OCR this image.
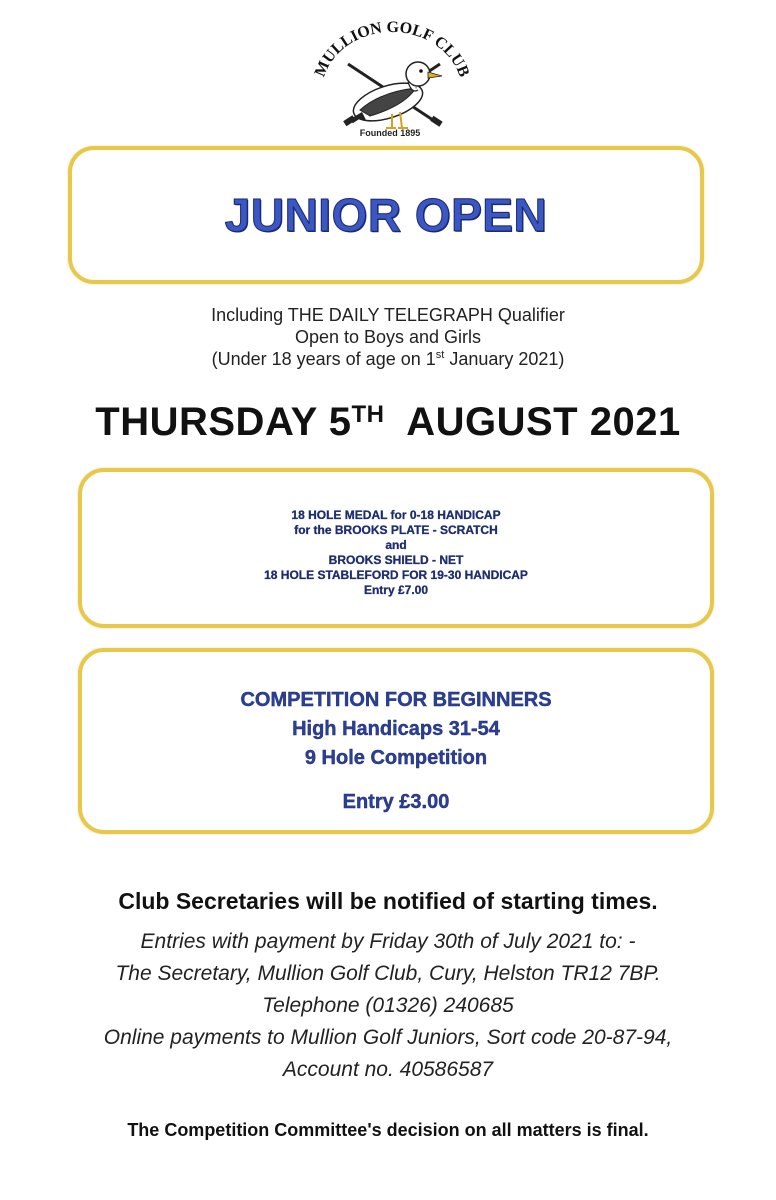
MULLION GOLF CLUB
Founded 1895
JUNIOR OPEN
Including THE DAILY TELEGRAPH Qualifier
Open to Boys and Girls
(Under 18 years of age on 1st January 2021)
THURSDAY 5TH  AUGUST 2021
18 HOLE MEDAL for 0-18 HANDICAP
for the BROOKS PLATE - SCRATCH
and
BROOKS SHIELD - NET
18 HOLE STABLEFORD FOR 19-30 HANDICAP
Entry £7.00
COMPETITION FOR BEGINNERS
High Handicaps 31-54
9 Hole Competition
Entry £3.00
Club Secretaries will be notified of starting times.
Entries with payment by Friday 30th of July 2021 to: -
The Secretary, Mullion Golf Club, Cury, Helston TR12 7BP.
Telephone (01326) 240685
Online payments to Mullion Golf Juniors, Sort code 20-87-94,
Account no. 40586587
The Competition Committee's decision on all matters is final.
